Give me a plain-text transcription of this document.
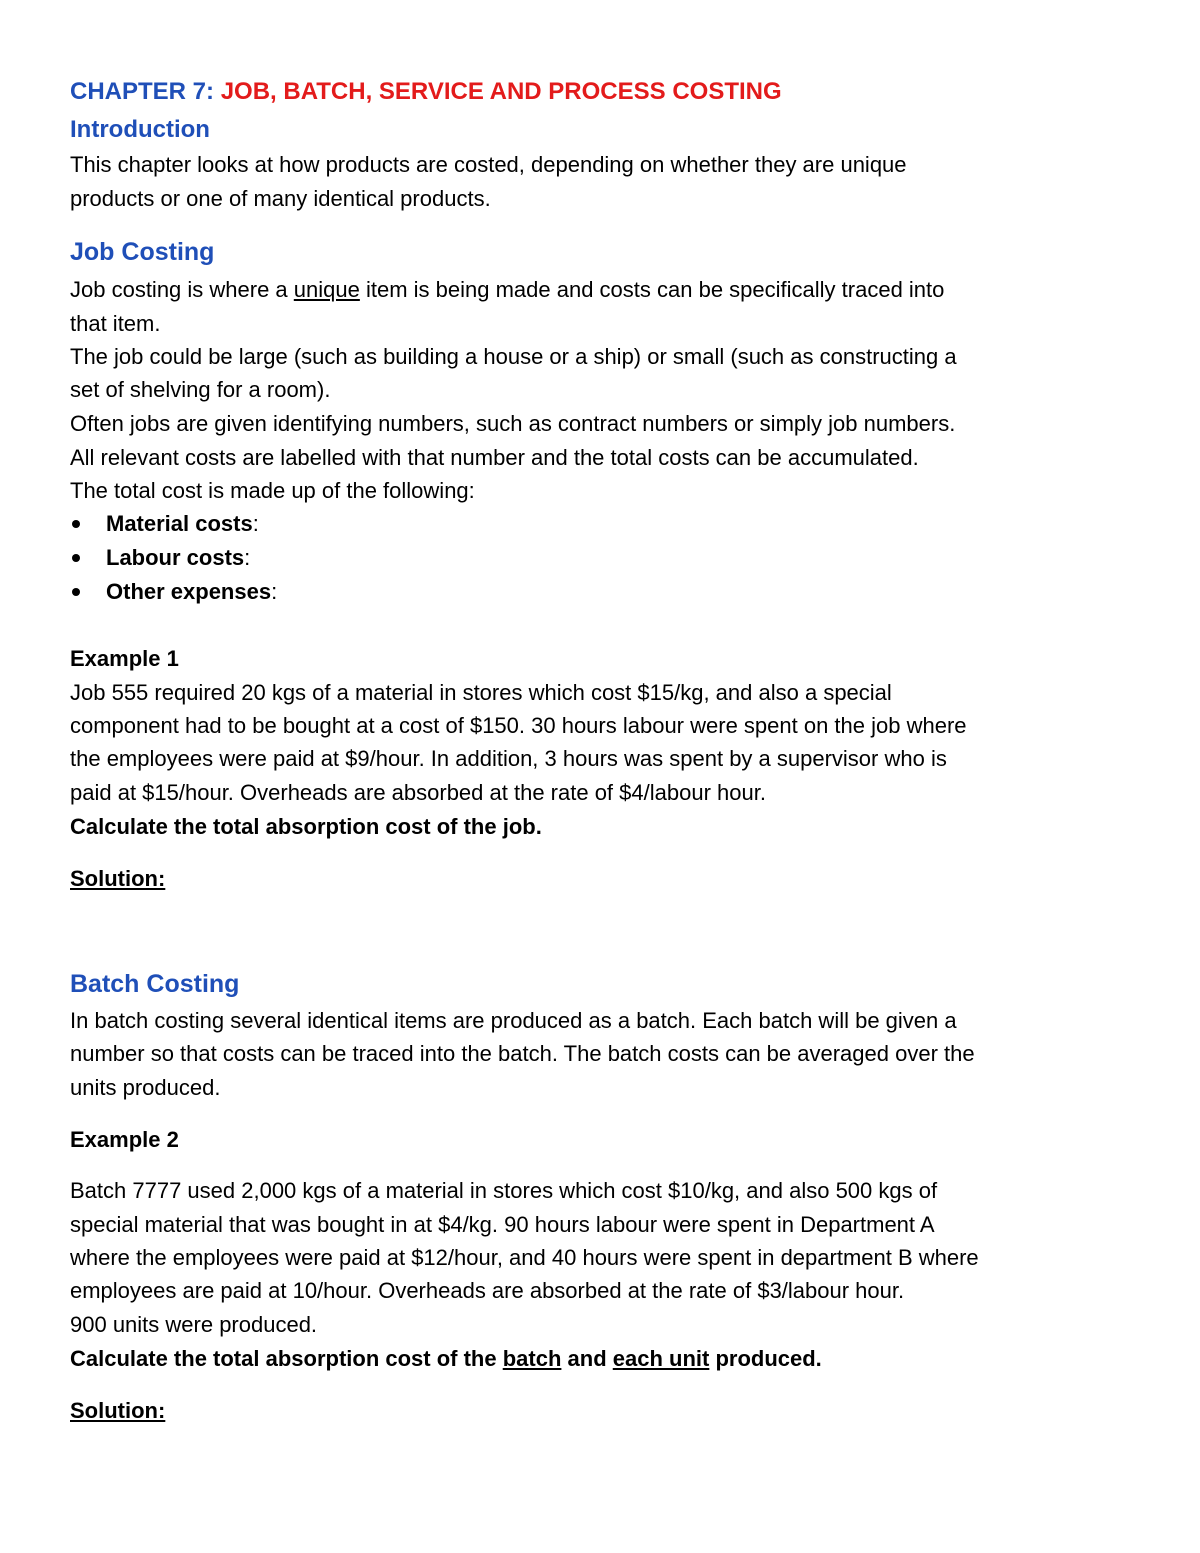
CHAPTER 7: JOB, BATCH, SERVICE AND PROCESS COSTING
Introduction
This chapter looks at how products are costed, depending on whether they are unique
products or one of many identical products.
Job Costing
Job costing is where a unique item is being made and costs can be specifically traced into
that item.
The job could be large (such as building a house or a ship) or small (such as constructing a
set of shelving for a room).
Often jobs are given identifying numbers, such as contract numbers or simply job numbers.
All relevant costs are labelled with that number and the total costs can be accumulated.
The total cost is made up of the following:
Material costs:
Labour costs:
Other expenses:
Example 1
Job 555 required 20 kgs of a material in stores which cost $15/kg, and also a special
component had to be bought at a cost of $150. 30 hours labour were spent on the job where
the employees were paid at $9/hour. In addition, 3 hours was spent by a supervisor who is
paid at $15/hour. Overheads are absorbed at the rate of $4/labour hour.
Calculate the total absorption cost of the job.
Solution:
Batch Costing
In batch costing several identical items are produced as a batch. Each batch will be given a
number so that costs can be traced into the batch. The batch costs can be averaged over the
units produced.
Example 2
Batch 7777 used 2,000 kgs of a material in stores which cost $10/kg, and also 500 kgs of
special material that was bought in at $4/kg. 90 hours labour were spent in Department A
where the employees were paid at $12/hour, and 40 hours were spent in department B where
employees are paid at 10/hour. Overheads are absorbed at the rate of $3/labour hour.
900 units were produced.
Calculate the total absorption cost of the batch and each unit produced.
Solution:
